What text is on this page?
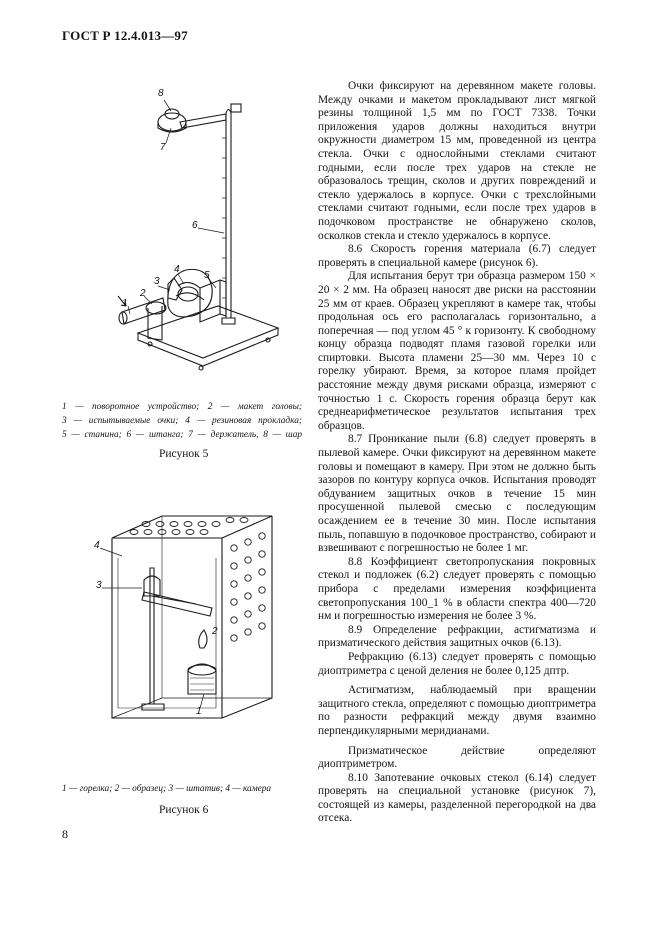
ГОСТ Р 12.4.013—97
8
7
6
5
4
3
2
1
1 — поворотное устройство; 2 — макет головы;
3 — испытываемые очки; 4 — резиновая прокладка;
5 — станина; 6 — штанга; 7 — держатель, 8 — шар
Рисунок 5
4
3
2
1
1 — горелка; 2 — образец; 3 — штатив; 4 — камера
Рисунок 6

Очки фиксируют на деревянном макете головы. Между очками и макетом прокладывают лист мягкой резины толщиной 1,5 мм по ГОСТ 7338. Точки приложения ударов должны находиться внутри окружности диаметром 15 мм, проведенной из центра стекла. Очки с однослойными стеклами считают годными, если после трех ударов на стекле не образовалось трещин, сколов и других повреждений и стекло удержалось в корпусе. Очки с трехслойными стеклами считают годными, если после трех ударов в подочковом пространстве не обнаружено сколов, осколков стекла и стекло удержалось в корпусе.

8.6 Скорость горения материала (6.7) следует проверять в специальной камере (рисунок 6).

Для испытания берут три образца размером 150 × 20 × 2 мм. На образец наносят две риски на расстоянии 25 мм от краев. Образец укрепляют в камере так, чтобы продольная ось его располагалась горизонтально, а поперечная — под углом 45 ° к горизонту. К свободному концу образца подводят пламя газовой горелки или спиртовки. Высота пламени 25—30 мм. Через 10 с горелку убирают. Время, за которое пламя пройдет расстояние между двумя рисками образца, измеряют с точностью 1 с. Скорость горения образца берут как среднеарифметическое результатов испытания трех образцов.

8.7 Проникание пыли (6.8) следует проверять в пылевой камере. Очки фиксируют на деревянном макете головы и помещают в камеру. При этом не должно быть зазоров по контуру корпуса очков. Испытания проводят обдуванием защитных очков в течение 15 мин просушенной пылевой смесью с последующим осаждением ее в течение 30 мин. После испытания пыль, попавшую в подочковое пространство, собирают и взвешивают с погрешностью не более 1 мг.

8.8 Коэффициент светопропускания покровных стекол и подложек (6.2) следует проверять с помощью прибора с пределами измерения коэффициента светопропускания 100_1 % в области спектра 400—720 нм и погрешностью измерения не более 3 %.

8.9 Определение рефракции, астигматизма и призматического действия защитных очков (6.13).

Рефракцию (6.13) следует проверять с помощью диоптриметра с ценой деления не более 0,125 дптр.

Астигматизм, наблюдаемый при вращении защитного стекла, определяют с помощью диоптриметра по разности рефракций между двумя взаимно перпендикулярными меридианами.

Призматическое действие определяют диоптриметром.

8.10 Запотевание очковых стекол (6.14) следует проверять на специальной установке (рисунок 7), состоящей из камеры, разделенной перегородкой на два отсека.

8
